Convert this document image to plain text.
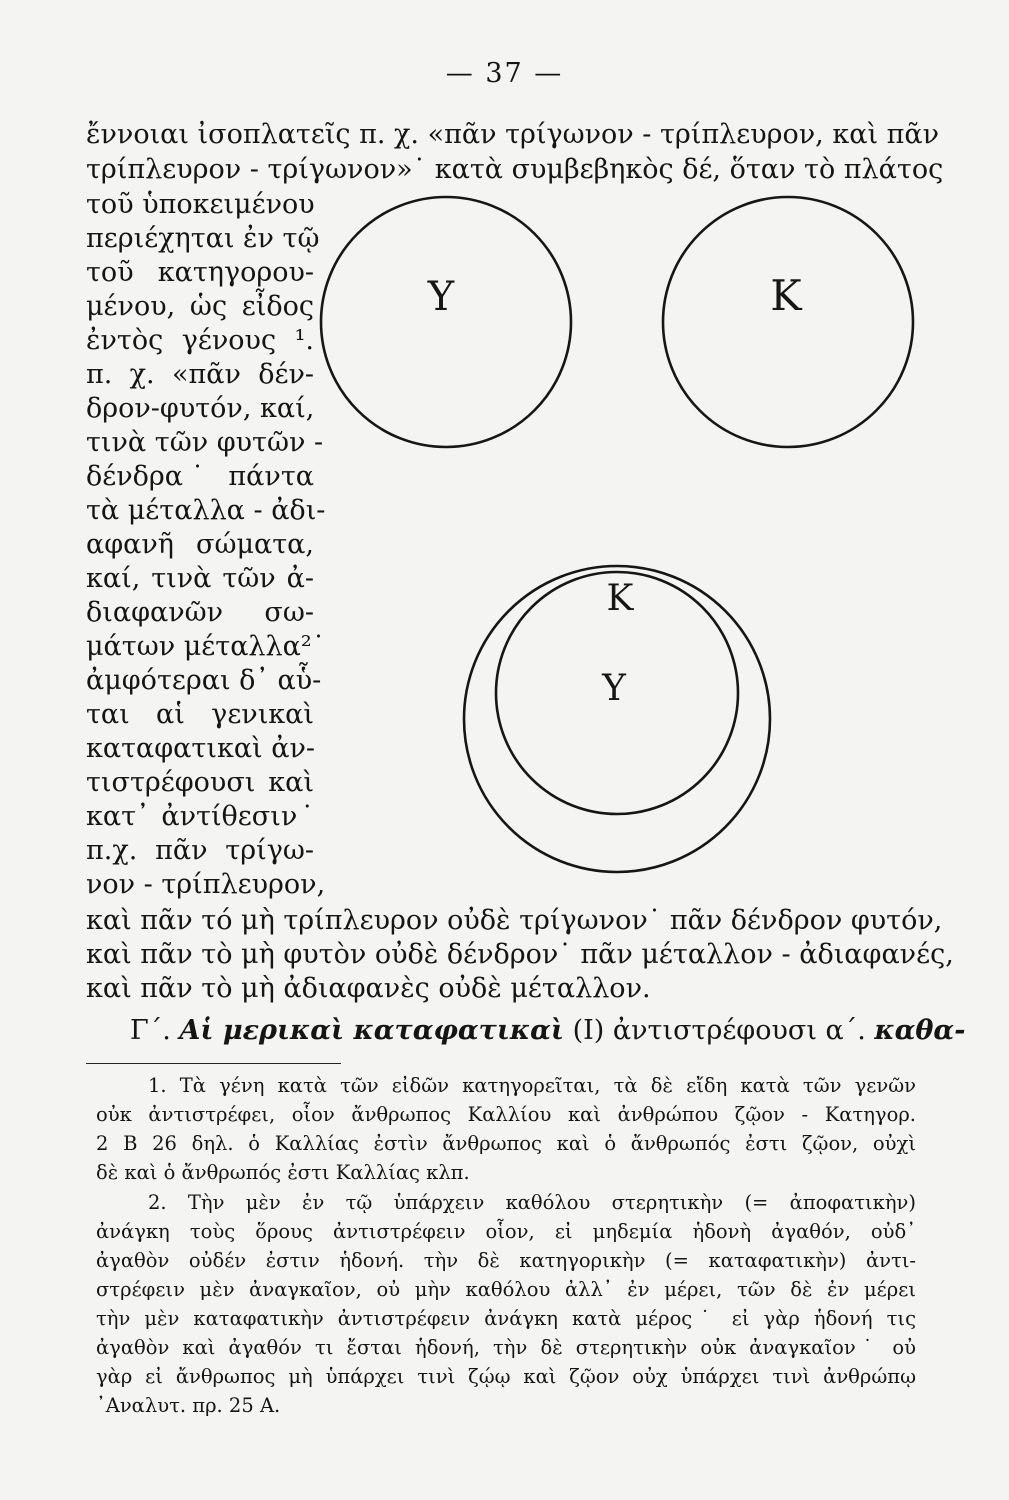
— 37 —
ἔννοιαι ἰσοπλατεῖς π. χ. «πᾶν τρίγωνον - τρίπλευρον, καὶ πᾶν
τρίπλευρον - τρίγωνον»˙ κατὰ συμβεβηκὸς δέ, ὅταν τὸ πλάτος
τοῦ ὑποκειμένου
περιέχηται ἐν τῷ
τοῦ κατηγορου-
μένου, ὡς εἶδος
ἐντὸς γένους ¹.
π. χ. «πᾶν δέν-
δρον-φυτόν, καί,
τινὰ τῶν φυτῶν -
δένδρα˙ πάντα
τὰ μέταλλα - ἀδι-
αφανῆ σώματα,
καί, τινὰ τῶν ἀ-
διαφανῶν σω-
μάτων μέταλλα²˙
ἀμφότεραι δ᾽ αὗ-
ται αἱ γενικαὶ
καταφατικαὶ ἀν-
τιστρέφουσι καὶ
κατ᾽ ἀντίθεσιν˙
π.χ. πᾶν τρίγω-
νον - τρίπλευρον,
Υ	Κ
Κ
Υ
καὶ πᾶν τό μὴ τρίπλευρον οὐδὲ τρίγωνον˙ πᾶν δένδρον φυτόν,
καὶ πᾶν τὸ μὴ φυτὸν οὐδὲ δένδρον˙ πᾶν μέταλλον - ἀδιαφανές,
καὶ πᾶν τὸ μὴ ἀδιαφανὲς οὐδὲ μέταλλον.
Γ΄. Αἱ μερικαὶ καταφατικαὶ (Ι) ἀντιστρέφουσι α΄. καθα-
1. Τὰ γένη κατὰ τῶν εἰδῶν κατηγορεῖται, τὰ δὲ εἴδη κατὰ τῶν γενῶν
οὐκ ἀντιστρέφει, οἷον ἄνθρωπος Καλλίου καὶ ἀνθρώπου ζῷον - Κατηγορ.
2 Β 26 δηλ. ὁ Καλλίας ἐστὶν ἄνθρωπος καὶ ὁ ἄνθρωπός ἐστι ζῷον, οὐχὶ
δὲ καὶ ὁ ἄνθρωπός ἐστι Καλλίας κλπ.
2. Τὴν μὲν ἐν τῷ ὑπάρχειν καθόλου στερητικὴν (= ἀποφατικὴν)
ἀνάγκη τοὺς ὅρους ἀντιστρέφειν οἷον, εἰ μηδεμία ἡδονὴ ἀγαθόν, οὐδ᾽
ἀγαθὸν οὐδέν ἐστιν ἡδονή. τὴν δὲ κατηγορικὴν (= καταφατικὴν) ἀντι-
στρέφειν μὲν ἀναγκαῖον, οὐ μὴν καθόλου ἀλλ᾽ ἐν μέρει, τῶν δὲ ἐν μέρει
τὴν μὲν καταφατικὴν ἀντιστρέφειν ἀνάγκη κατὰ μέρος˙ εἰ γὰρ ἡδονή τις
ἀγαθὸν καὶ ἀγαθόν τι ἔσται ἡδονή, τὴν δὲ στερητικὴν οὐκ ἀναγκαῖον˙ οὐ
γὰρ εἰ ἄνθρωπος μὴ ὑπάρχει τινὶ ζῴῳ καὶ ζῷον οὐχ ὑπάρχει τινὶ ἀνθρώπῳ
᾽Αναλυτ. πρ. 25 Α.
